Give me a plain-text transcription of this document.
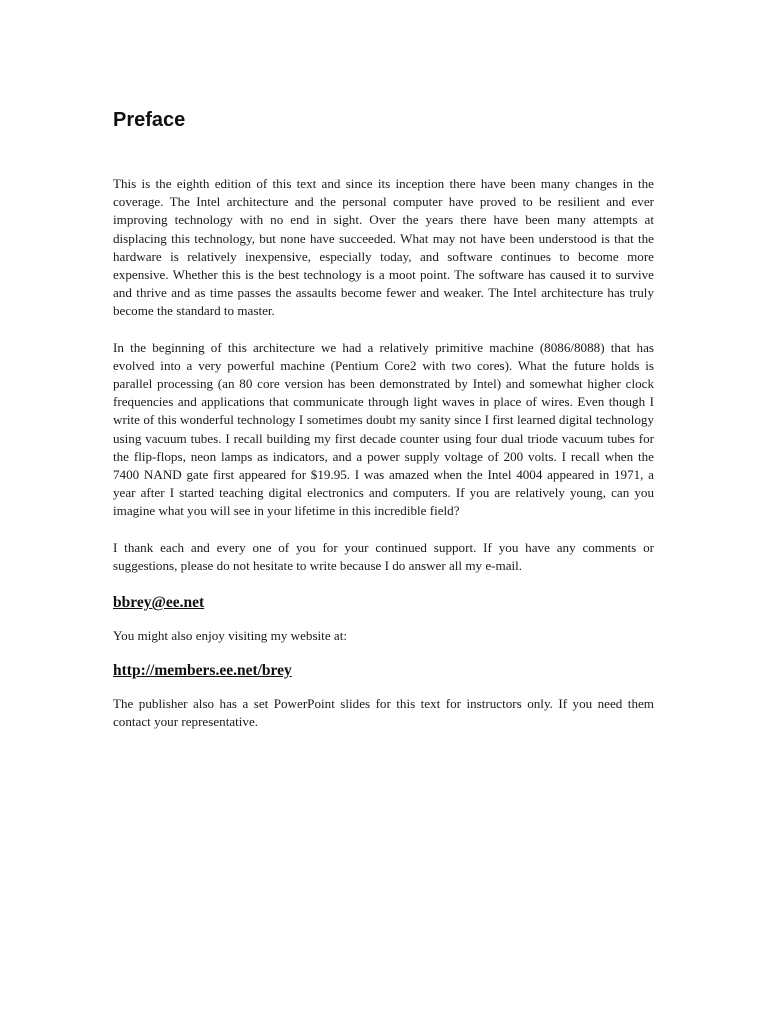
Preface

This is the eighth edition of this text and since its inception there have been many changes in the coverage. The Intel architecture and the personal computer have proved to be resilient and ever improving technology with no end in sight. Over the years there have been many attempts at displacing this technology, but none have succeeded. What may not have been understood is that the hardware is relatively inexpensive, especially today, and software continues to become more expensive. Whether this is the best technology is a moot point. The software has caused it to survive and thrive and as time passes the assaults become fewer and weaker. The Intel architecture has truly become the standard to master.

In the beginning of this architecture we had a relatively primitive machine (8086/8088) that has evolved into a very powerful machine (Pentium Core2 with two cores). What the future holds is parallel processing (an 80 core version has been demonstrated by Intel) and somewhat higher clock frequencies and applications that communicate through light waves in place of wires. Even though I write of this wonderful technology I sometimes doubt my sanity since I first learned digital technology using vacuum tubes. I recall building my first decade counter using four dual triode vacuum tubes for the flip-flops, neon lamps as indicators, and a power supply voltage of 200 volts. I recall when the 7400 NAND gate first appeared for $19.95. I was amazed when the Intel 4004 appeared in 1971, a year after I started teaching digital electronics and computers. If you are relatively young, can you imagine what you will see in your lifetime in this incredible field?

I thank each and every one of you for your continued support. If you have any comments or suggestions, please do not hesitate to write because I do answer all my e-mail.

bbrey@ee.net

You might also enjoy visiting my website at:

http://members.ee.net/brey

The publisher also has a set PowerPoint slides for this text for instructors only. If you need them contact your representative.
